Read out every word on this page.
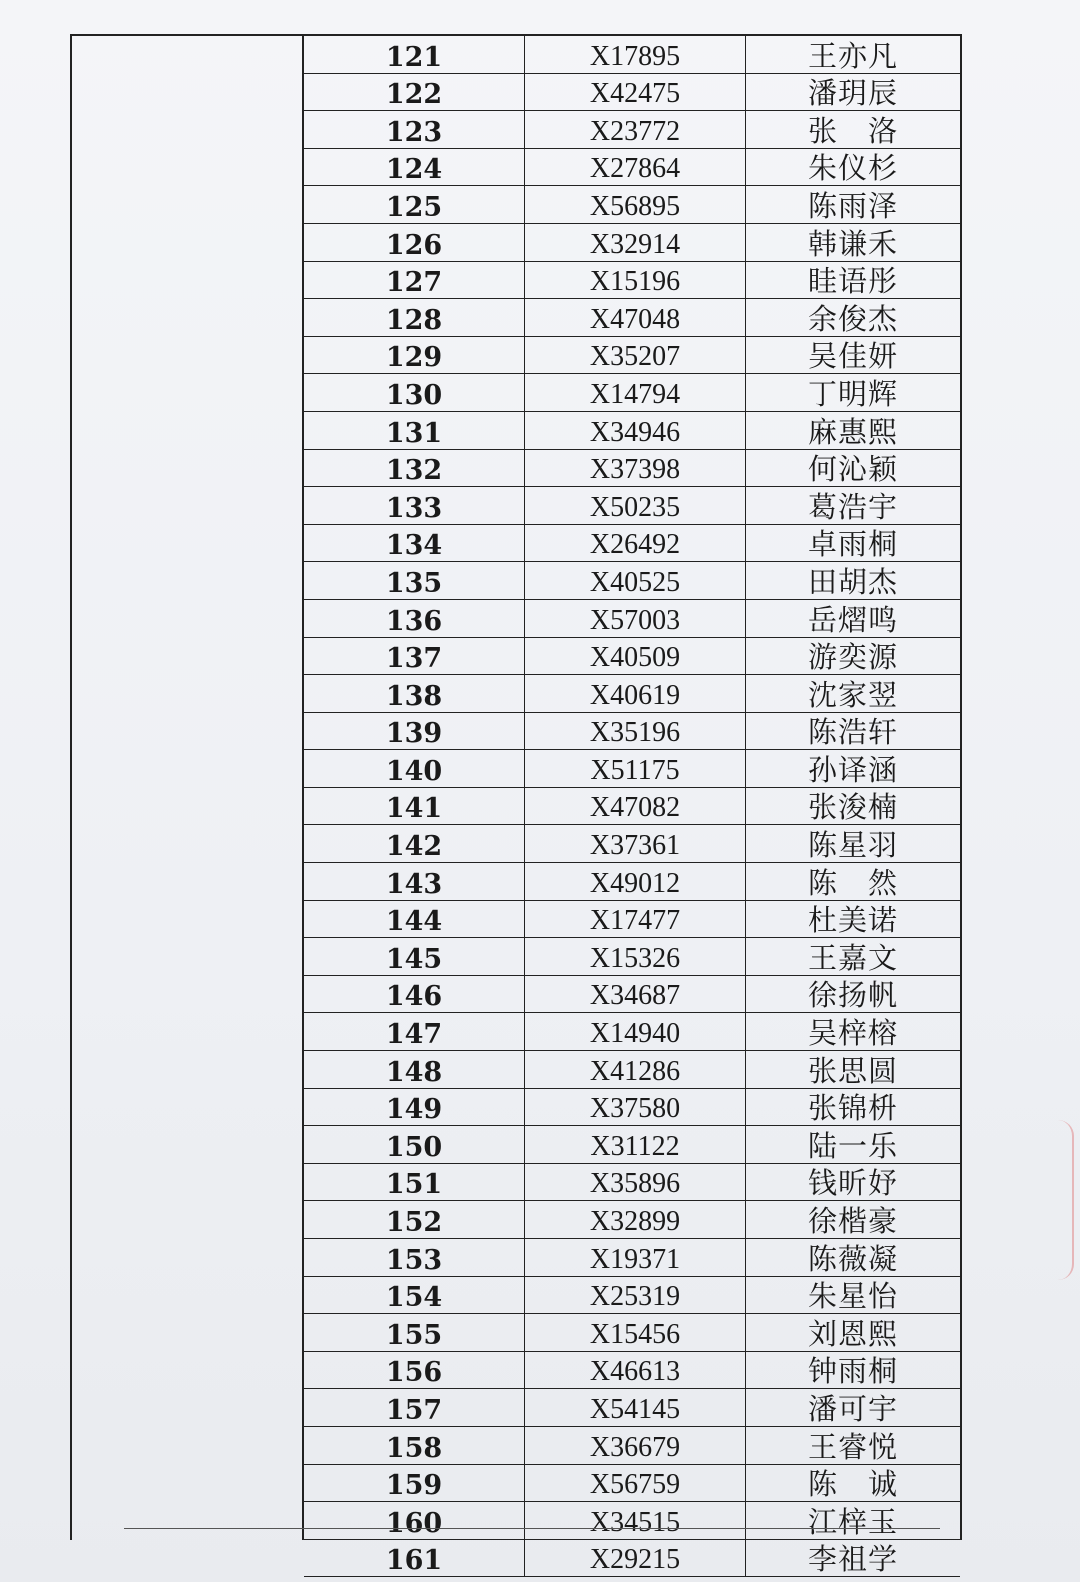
121	X17895	王亦凡
122	X42475	潘玥辰
123	X23772	张　洛
124	X27864	朱仪杉
125	X56895	陈雨泽
126	X32914	韩谦禾
127	X15196	眭语彤
128	X47048	余俊杰
129	X35207	吴佳妍
130	X14794	丁明辉
131	X34946	麻惠熙
132	X37398	何沁颖
133	X50235	葛浩宇
134	X26492	卓雨桐
135	X40525	田胡杰
136	X57003	岳熠鸣
137	X40509	游奕源
138	X40619	沈家翌
139	X35196	陈浩轩
140	X51175	孙译涵
141	X47082	张浚楠
142	X37361	陈星羽
143	X49012	陈　然
144	X17477	杜美诺
145	X15326	王嘉文
146	X34687	徐扬帆
147	X14940	吴梓榕
148	X41286	张思圆
149	X37580	张锦枡
150	X31122	陆一乐
151	X35896	钱昕妤
152	X32899	徐楷豪
153	X19371	陈薇凝
154	X25319	朱星怡
155	X15456	刘恩熙
156	X46613	钟雨桐
157	X54145	潘可宇
158	X36679	王睿悦
159	X56759	陈　诚
160	X34515	江梓玉
161	X29215	李祖学
